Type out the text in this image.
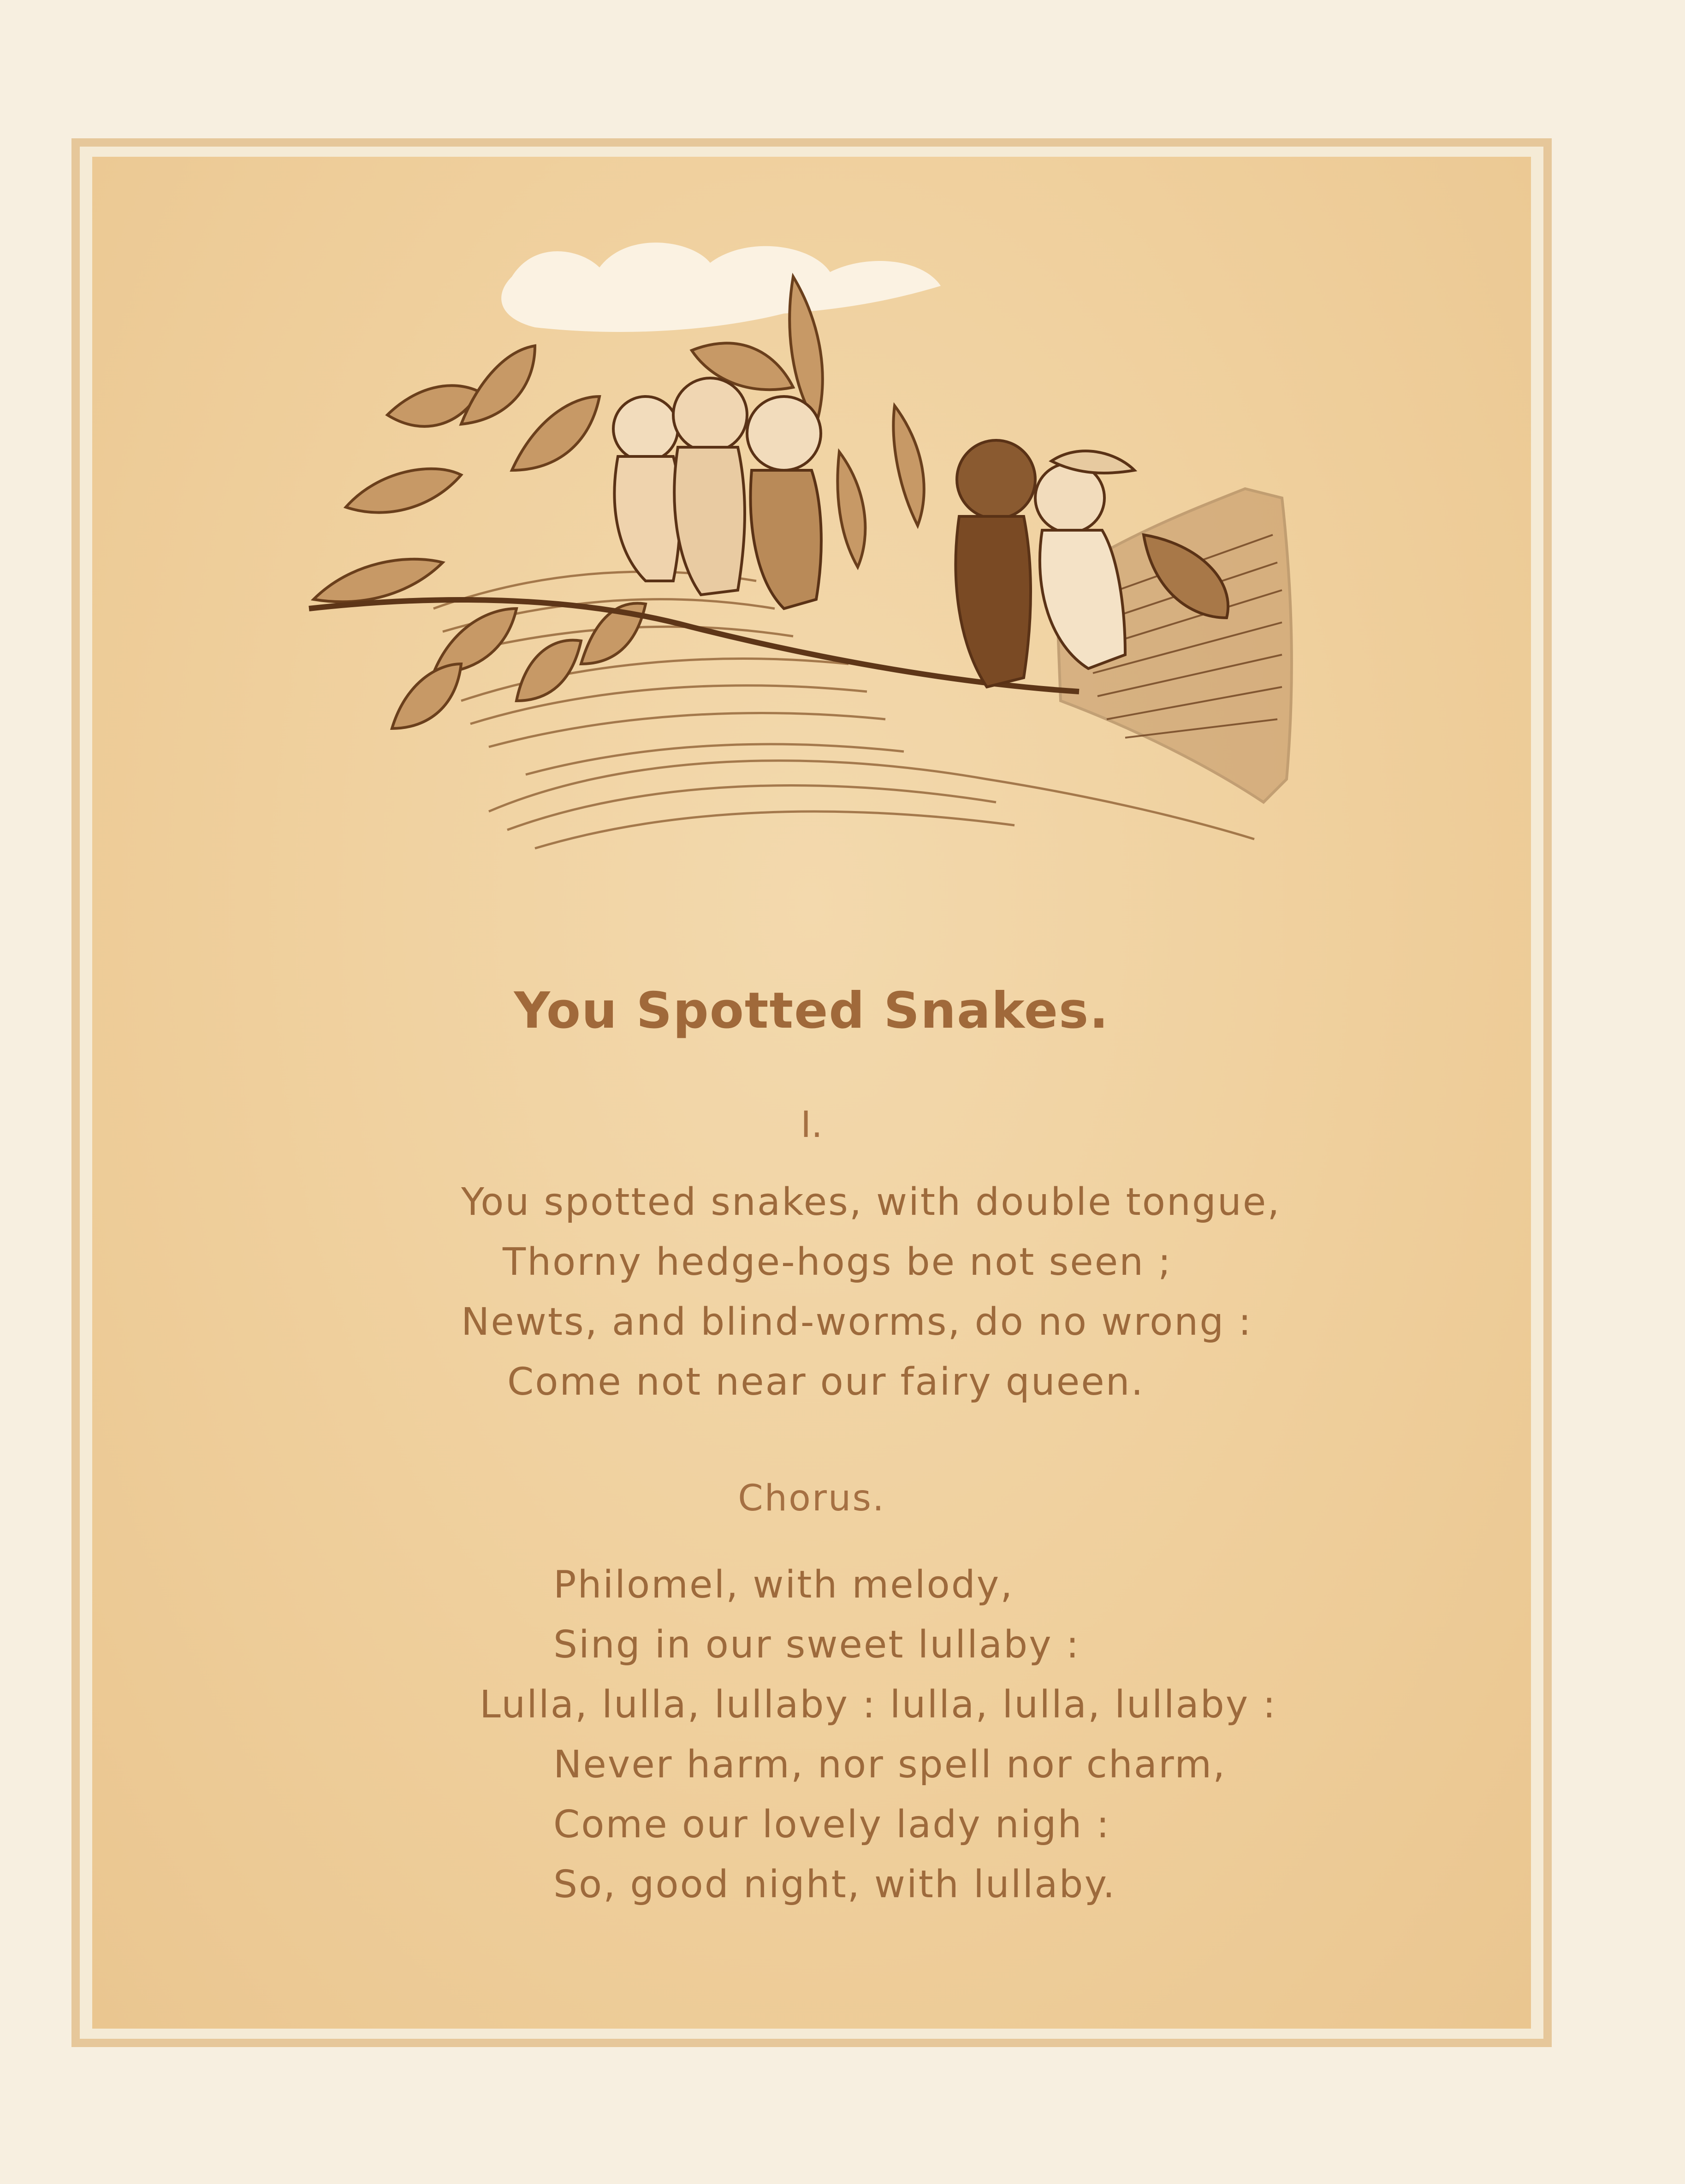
You Spotted Snakes.
I.
You spotted snakes, with double tongue,
Thorny hedge-hogs be not seen ;
Newts, and blind-worms, do no wrong :
Come not near our fairy queen.
Chorus.
Philomel, with melody,
Sing in our sweet lullaby :
Lulla, lulla, lullaby : lulla, lulla, lullaby :
Never harm, nor spell nor charm,
Come our lovely lady nigh :
So, good night, with lullaby.
